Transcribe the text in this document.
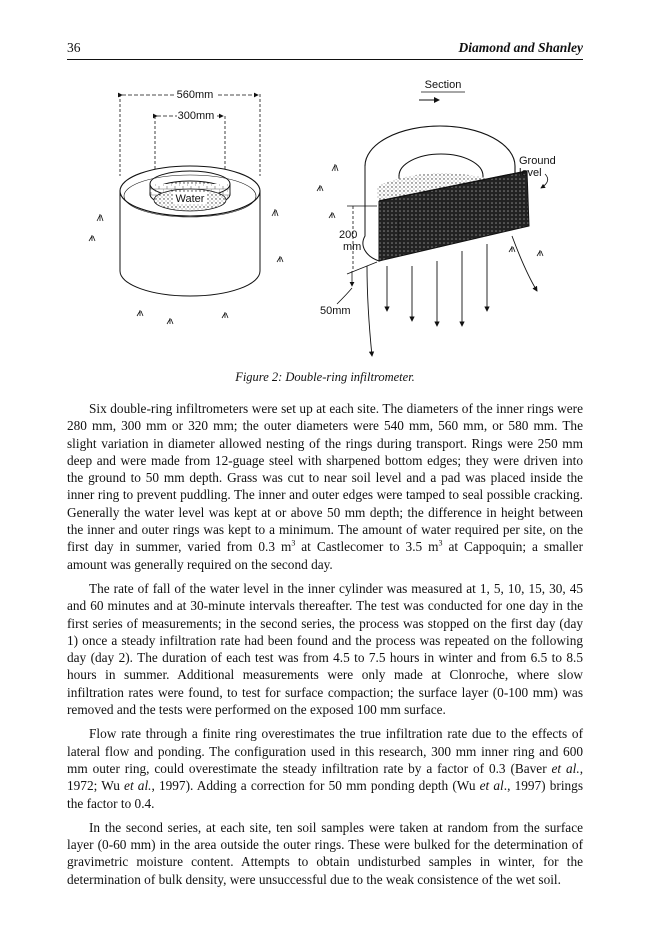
36	Diamond and Shanley
560mm
300mm
Water
Section
Ground level
200 mm
50mm
Figure 2: Double-ring infiltrometer.

Six double-ring infiltrometers were set up at each site. The diameters of the inner rings were 280 mm, 300 mm or 320 mm; the outer diameters were 540 mm, 560 mm, or 580 mm. The slight variation in diameter allowed nesting of the rings during transport. Rings were 250 mm deep and were made from 12-guage steel with sharpened bottom edges; they were driven into the ground to 50 mm depth. Grass was cut to near soil level and a pad was placed inside the inner ring to prevent puddling. The inner and outer edges were tamped to seal possible cracking. Generally the water level was kept at or above 50 mm depth; the difference in height between the inner and outer rings was kept to a minimum. The amount of water required per site, on the first day in summer, varied from 0.3 $m^3$ at Castlecomer to 3.5 $m^3$ at Cappoquin; a smaller amount was generally required on the second day.

The rate of fall of the water level in the inner cylinder was measured at 1, 5, 10, 15, 30, 45 and 60 minutes and at 30-minute intervals thereafter. The test was conducted for one day in the first series of measurements; in the second series, the process was stopped on the first day (day 1) once a steady infiltration rate had been found and the process was repeated on the following day (day 2). The duration of each test was from 4.5 to 7.5 hours in winter and from 6.5 to 8.5 hours in summer. Additional measurements were only made at Clonroche, where slow infiltration rates were found, to test for surface compaction; the surface layer (0-100 mm) was removed and the tests were performed on the exposed 100 mm surface.

Flow rate through a finite ring overestimates the true infiltration rate due to the effects of lateral flow and ponding. The configuration used in this research, 300 mm inner ring and 600 mm outer ring, could overestimate the steady infiltration rate by a factor of 0.3 (Baver et al., 1972; Wu et al., 1997). Adding a correction for 50 mm ponding depth (Wu et al., 1997) brings the factor to 0.4.

In the second series, at each site, ten soil samples were taken at random from the surface layer (0-60 mm) in the area outside the outer rings. These were bulked for the determination of gravimetric moisture content. Attempts to obtain undisturbed samples in winter, for the determination of bulk density, were unsuccessful due to the weak consistence of the wet soil.
